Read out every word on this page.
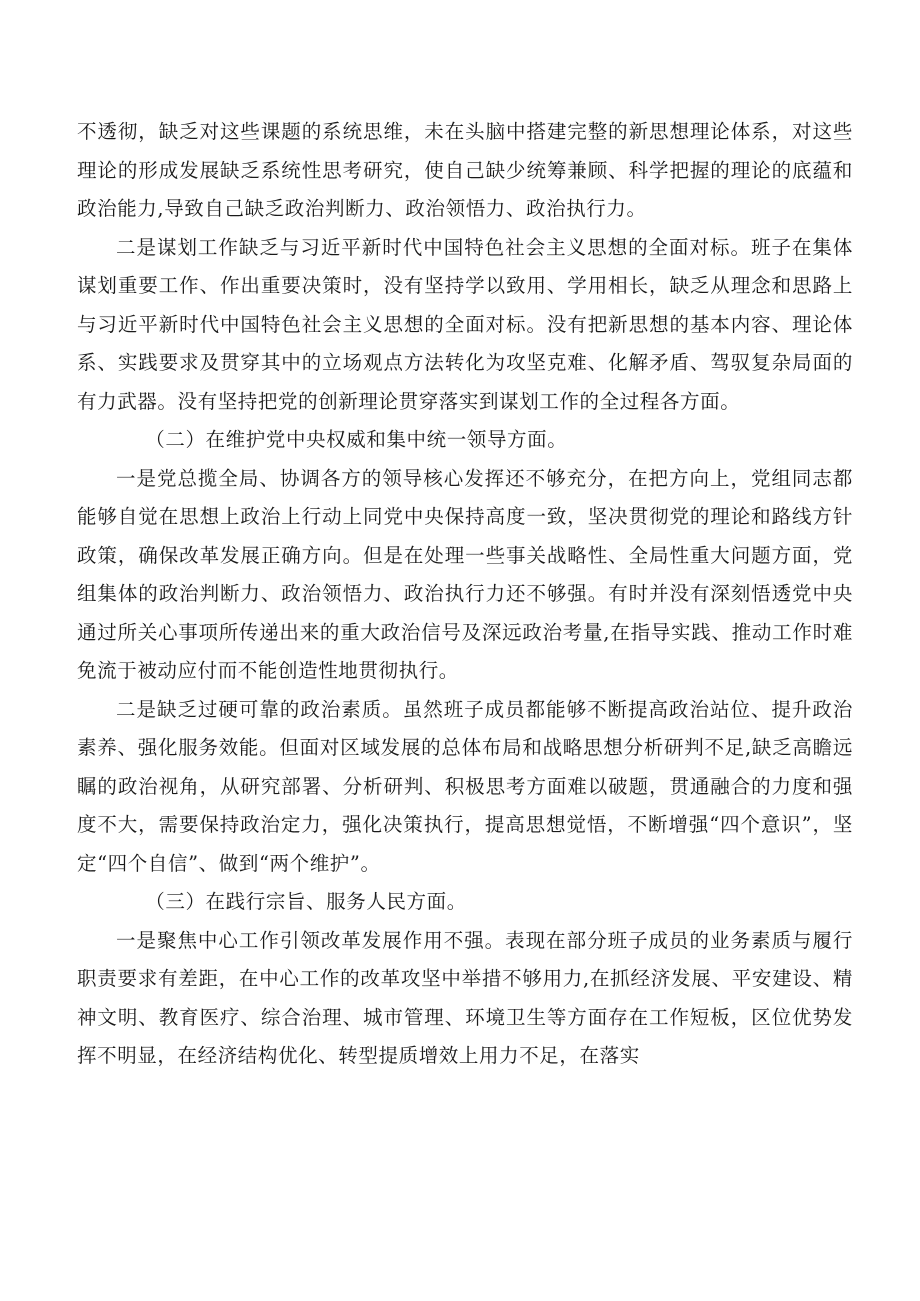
不透彻，缺乏对这些课题的系统思维，未在头脑中搭建完整的新思想理论体系，对这些理论的形成发展缺乏系统性思考研究，使自己缺少统筹兼顾、科学把握的理论的底蕴和政治能力,导致自己缺乏政治判断力、政治领悟力、政治执行力。

二是谋划工作缺乏与习近平新时代中国特色社会主义思想的全面对标。班子在集体谋划重要工作、作出重要决策时，没有坚持学以致用、学用相长，缺乏从理念和思路上与习近平新时代中国特色社会主义思想的全面对标。没有把新思想的基本内容、理论体系、实践要求及贯穿其中的立场观点方法转化为攻坚克难、化解矛盾、驾驭复杂局面的有力武器。没有坚持把党的创新理论贯穿落实到谋划工作的全过程各方面。

（二）在维护党中央权威和集中统一领导方面。

一是党总揽全局、协调各方的领导核心发挥还不够充分，在把方向上，党组同志都能够自觉在思想上政治上行动上同党中央保持高度一致，坚决贯彻党的理论和路线方针政策，确保改革发展正确方向。但是在处理一些事关战略性、全局性重大问题方面，党组集体的政治判断力、政治领悟力、政治执行力还不够强。有时并没有深刻悟透党中央通过所关心事项所传递出来的重大政治信号及深远政治考量,在指导实践、推动工作时难免流于被动应付而不能创造性地贯彻执行。

二是缺乏过硬可靠的政治素质。虽然班子成员都能够不断提高政治站位、提升政治素养、强化服务效能。但面对区域发展的总体布局和战略思想分析研判不足,缺乏高瞻远瞩的政治视角，从研究部署、分析研判、积极思考方面难以破题，贯通融合的力度和强度不大，需要保持政治定力，强化决策执行，提高思想觉悟，不断增强“四个意识”，坚定“四个自信”、做到“两个维护”。

（三）在践行宗旨、服务人民方面。

一是聚焦中心工作引领改革发展作用不强。表现在部分班子成员的业务素质与履行职责要求有差距，在中心工作的改革攻坚中举措不够用力,在抓经济发展、平安建设、精神文明、教育医疗、综合治理、城市管理、环境卫生等方面存在工作短板，区位优势发挥不明显，在经济结构优化、转型提质增效上用力不足，在落实
